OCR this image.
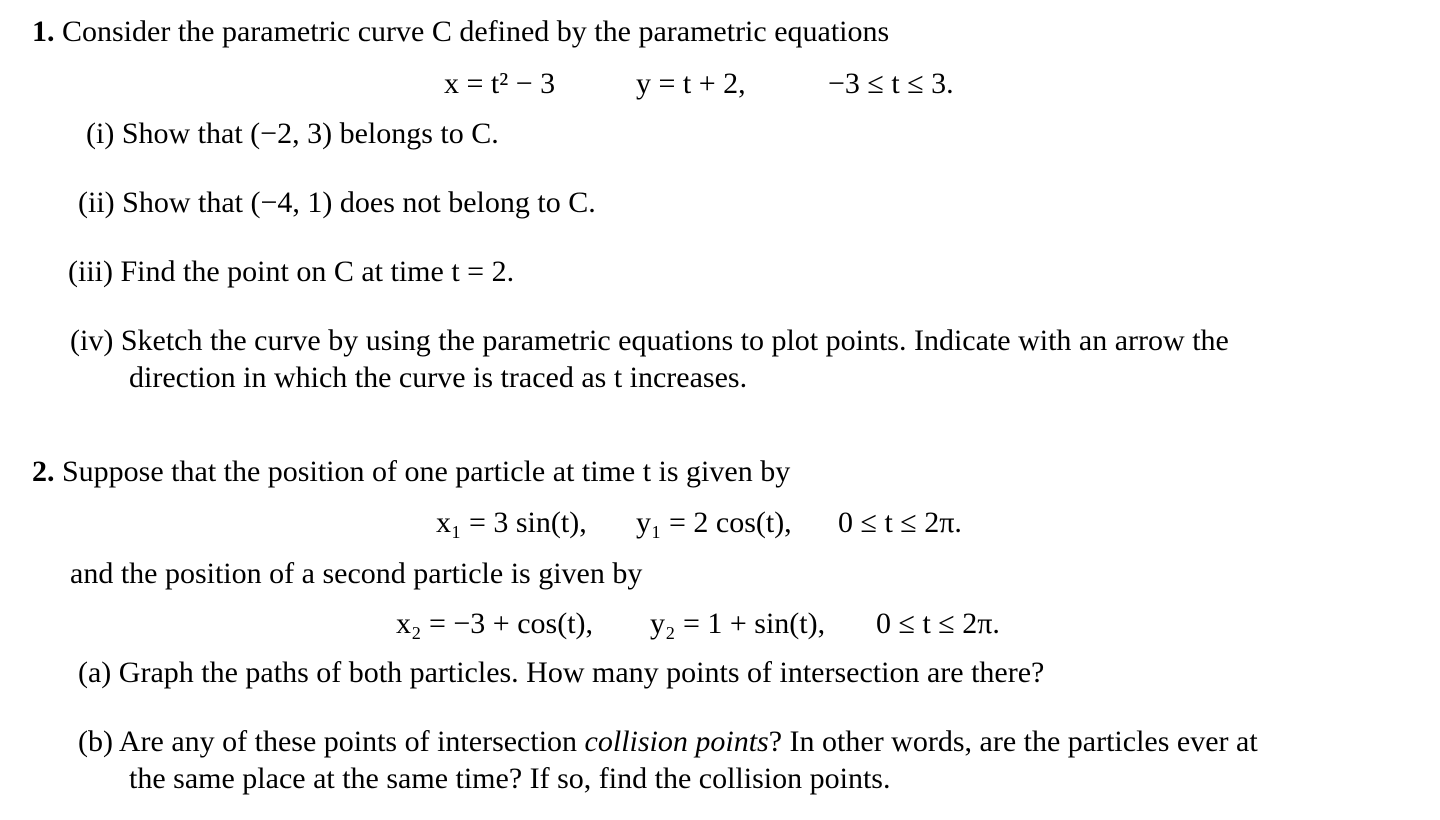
1. Consider the parametric curve C defined by the parametric equations
x = t² − 3	y = t + 2,	−3 ≤ t ≤ 3.
(i) Show that (−2, 3) belongs to C.
(ii) Show that (−4, 1) does not belong to C.
(iii) Find the point on C at time t = 2.
(iv) Sketch the curve by using the parametric equations to plot points. Indicate with an arrow the
direction in which the curve is traced as t increases.
2. Suppose that the position of one particle at time t is given by
x₁ = 3 sin(t), y₁ = 2 cos(t), 0 ≤ t ≤ 2π.
and the position of a second particle is given by
x₂ = −3 + cos(t), y₂ = 1 + sin(t), 0 ≤ t ≤ 2π.
(a) Graph the paths of both particles. How many points of intersection are there?
(b) Are any of these points of intersection collision points? In other words, are the particles ever at
the same place at the same time? If so, find the collision points.
